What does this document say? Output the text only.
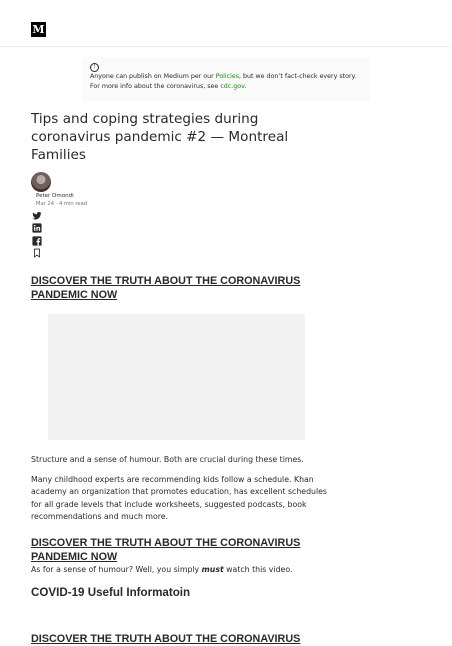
M
!
Anyone can publish on Medium per our Policies, but we don’t fact-check every story. For more info about the coronavirus, see cdc.gov.
Tips and coping strategies during coronavirus pandemic #2 — Montreal Families
Peter Omondi
Mar 24 · 4 min read
DISCOVER THE TRUTH ABOUT THE CORONAVIRUS PANDEMIC NOW

Structure and a sense of humour. Both are crucial during these times.

Many childhood experts are recommending kids follow a schedule. Khan academy an organization that promotes education, has excellent schedules for all grade levels that include worksheets, suggested podcasts, book recommendations and much more.

DISCOVER THE TRUTH ABOUT THE CORONAVIRUS PANDEMIC NOW

As for a sense of humour? Well, you simply must watch this video.

COVID-19 Useful Informatoin
DISCOVER THE TRUTH ABOUT THE CORONAVIRUS
